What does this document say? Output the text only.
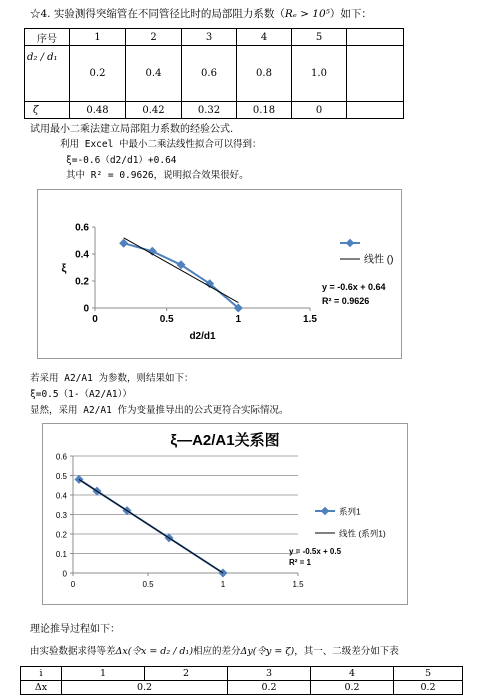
☆4. 实验测得突缩管在不同管径比时的局部阻力系数（Rₑ > 10⁵）如下：
序号	1	2	3	4	5	
d₂ / d₁	0.2	0.4	0.6	0.8	1.0	
ζ	0.48	0.42	0.32	0.18	0	
试用最小二乘法建立局部阻力系数的经验公式.
利用 Excel 中最小二乘法线性拟合可以得到：
ξ=-0.6（d2/d1）+0.64
其中 R² = 0.9626，说明拟合效果很好。
0
0.2
0.4
0.6
0	0.5	1	1.5
d2/d1
ξ
线性 ()
y = -0.6x + 0.64
R² = 0.9626
若采用 A2/A1 为参数，则结果如下：
ξ=0.5（1-（A2/A1））
显然，采用 A2/A1 作为变量推导出的公式更符合实际情况。
ξ—A2/A1关系图
0
0.1
0.2
0.3
0.4
0.5
0.6
0	0.5	1	1.5
系列1
线性 (系列1)
y = -0.5x + 0.5
R² = 1
理论推导过程如下：
由实验数据求得等差Δx(令x = d₂ / d₁)相应的差分Δy(令y = ζ)，其一、二级差分如下表
i	1	2	3	4	5
Δx	0.2		0.2	0.2	0.2
